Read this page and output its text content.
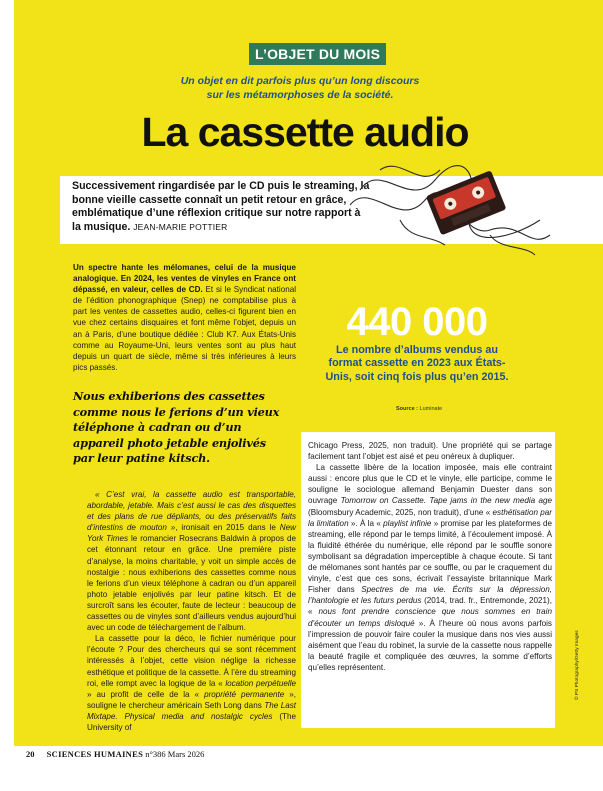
L’OBJET DU MOIS
Un objet en dit parfois plus qu’un long discours
sur les métamorphoses de la société.
La cassette audio
Successivement ringardisée par le CD puis le streaming, la bonne vieille cassette connaît un petit retour en grâce, emblématique d’une réflexion critique sur notre rapport à la musique. JEAN-MARIE POTTIER
Un spectre hante les mélomanes, celui de la musique analogique. En 2024, les ventes de vinyles en France ont dépassé, en valeur, celles de CD. Et si le Syndicat national de l’édition phonographique (Snep) ne comptabilise plus à part les ventes de cassettes audio, celles-ci figurent bien en vue chez certains disquaires et font même l’objet, depuis un an à Paris, d’une boutique dédiée : Club K7. Aux États-Unis comme au Royaume-Uni, leurs ventes sont au plus haut depuis un quart de siècle, même si très inférieures à leurs pics passés.
Nous exhiberions des cassettes comme nous le ferions d’un vieux téléphone à cadran ou d’un appareil photo jetable enjolivés par leur patine kitsch.
440 000
Le nombre d’albums vendus au format cassette en 2023 aux États-Unis, soit cinq fois plus qu’en 2015.
Source : Luminate

« C’est vrai, la cassette audio est transportable, abordable, jetable. Mais c’est aussi le cas des disquettes et des plans de rue dépliants, ou des préservatifs faits d’intestins de mouton », ironisait en 2015 dans le New York Times le romancier Rosecrans Baldwin à propos de cet étonnant retour en grâce. Une première piste d’analyse, la moins charitable, y voit un simple accès de nostalgie : nous exhiberions des cassettes comme nous le ferions d’un vieux téléphone à cadran ou d’un appareil photo jetable enjolivés par leur patine kitsch. Et de surcroît sans les écouter, faute de lecteur : beaucoup de cassettes ou de vinyles sont d’ailleurs vendus aujourd’hui avec un code de téléchargement de l’album.

La cassette pour la déco, le fichier numérique pour l’écoute ? Pour des chercheurs qui se sont récemment intéressés à l’objet, cette vision néglige la richesse esthétique et politique de la cassette. À l’ère du streaming roi, elle rompt avec la logique de la « location perpétuelle » au profit de celle de la « propriété permanente », souligne le chercheur américain Seth Long dans The Last Mixtape. Physical media and nostalgic cycles (The University of

Chicago Press, 2025, non traduit). Une propriété qui se partage facilement tant l’objet est aisé et peu onéreux à dupliquer.

La cassette libère de la location imposée, mais elle contraint aussi : encore plus que le CD et le vinyle, elle participe, comme le souligne le sociologue allemand Benjamin Duester dans son ouvrage Tomorrow on Cassette. Tape jams in the new media age (Bloomsbury Academic, 2025, non traduit), d’une « esthétisation par la limitation ». À la « playlist infinie » promise par les plateformes de streaming, elle répond par le temps limité, à l’écoulement imposé. À la fluidité éthérée du numérique, elle répond par le souffle sonore symbolisant sa dégradation imperceptible à chaque écoute. Si tant de mélomanes sont hantés par ce souffle, ou par le craquement du vinyle, c’est que ces sons, écrivait l’essayiste britannique Mark Fisher dans Spectres de ma vie. Écrits sur la dépression, l’hantologie et les futurs perdus (2014, trad. fr., Entremonde, 2021), « nous font prendre conscience que nous sommes en train d’écouter un temps disloqué ». À l’heure où nous avons parfois l’impression de pouvoir faire couler la musique dans nos vies aussi aisément que l’eau du robinet, la survie de la cassette nous rappelle la beauté fragile et compliquée des œuvres, la somme d’efforts qu’elles représentent.	© PS Photography/Getty Images
20 SCIENCES HUMAINES n°386 Mars 2026
